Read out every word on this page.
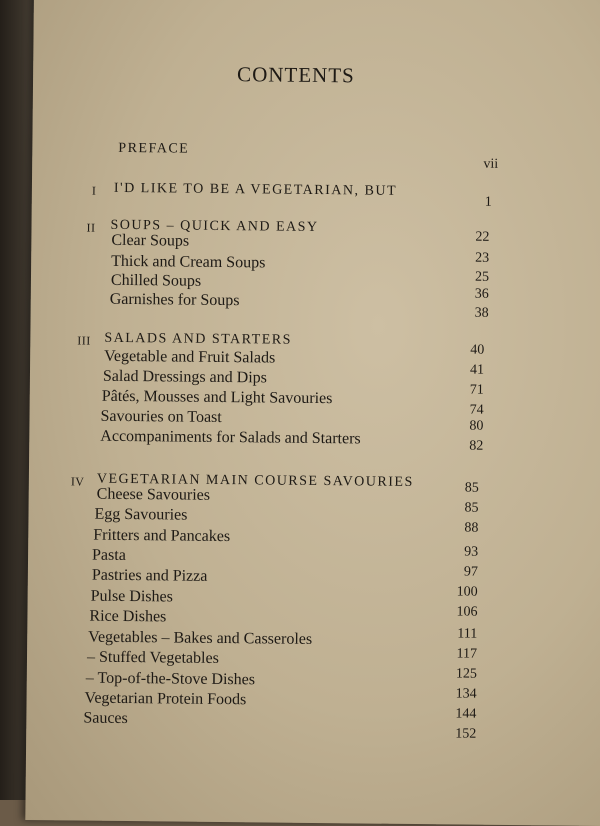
CONTENTS
PREFACE
vii
I I'D LIKE TO BE A VEGETARIAN, BUT
1
II SOUPS – QUICK AND EASY
Clear Soups
Thick and Cream Soups
Chilled Soups
Garnishes for Soups
22
23
25
36
38
III SALADS AND STARTERS
Vegetable and Fruit Salads
Salad Dressings and Dips
Pâtés, Mousses and Light Savouries
Savouries on Toast
Accompaniments for Salads and Starters
40
41
71
74
80
82
IV VEGETARIAN MAIN COURSE SAVOURIES
Cheese Savouries
Egg Savouries
Fritters and Pancakes
Pasta
Pastries and Pizza
Pulse Dishes
Rice Dishes
Vegetables – Bakes and Casseroles
– Stuffed Vegetables
– Top-of-the-Stove Dishes
Vegetarian Protein Foods
Sauces
85
85
88
93
97
100
106
111
117
125
134
144
152
